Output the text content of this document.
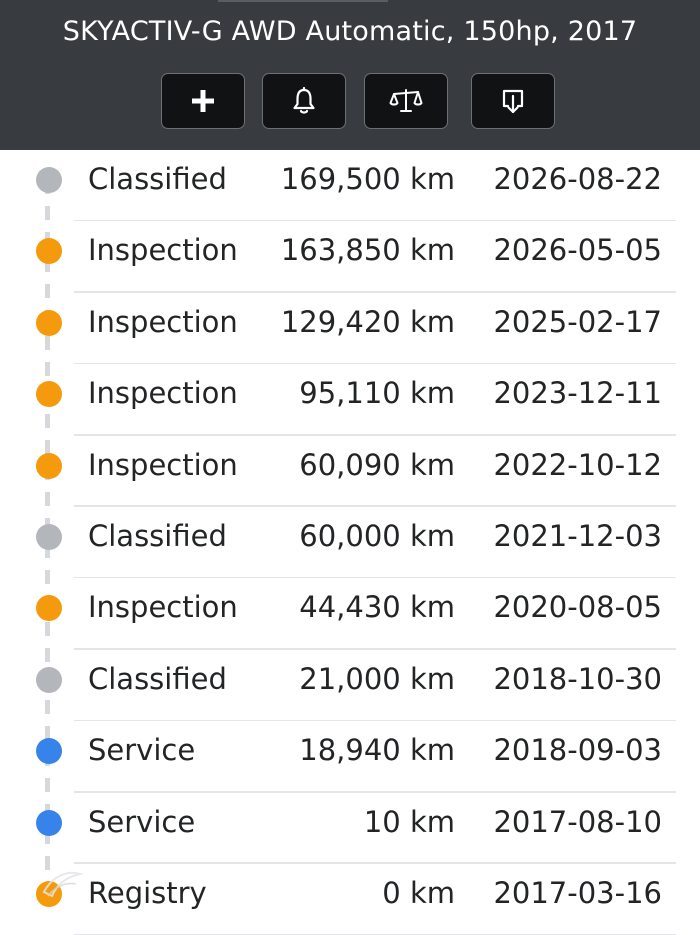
SKYACTIV-G AWD Automatic, 150hp, 2017
Classified 169,500 km 2026-08-22
Inspection 163,850 km 2026-05-05
Inspection 129,420 km 2025-02-17
Inspection 95,110 km 2023-12-11
Inspection 60,090 km 2022-10-12
Classified 60,000 km 2021-12-03
Inspection 44,430 km 2020-08-05
Classified 21,000 km 2018-10-30
Service	18,940 km 2018-09-03
Service	10 km 2017-08-10
Registry	0 km 2017-03-16
